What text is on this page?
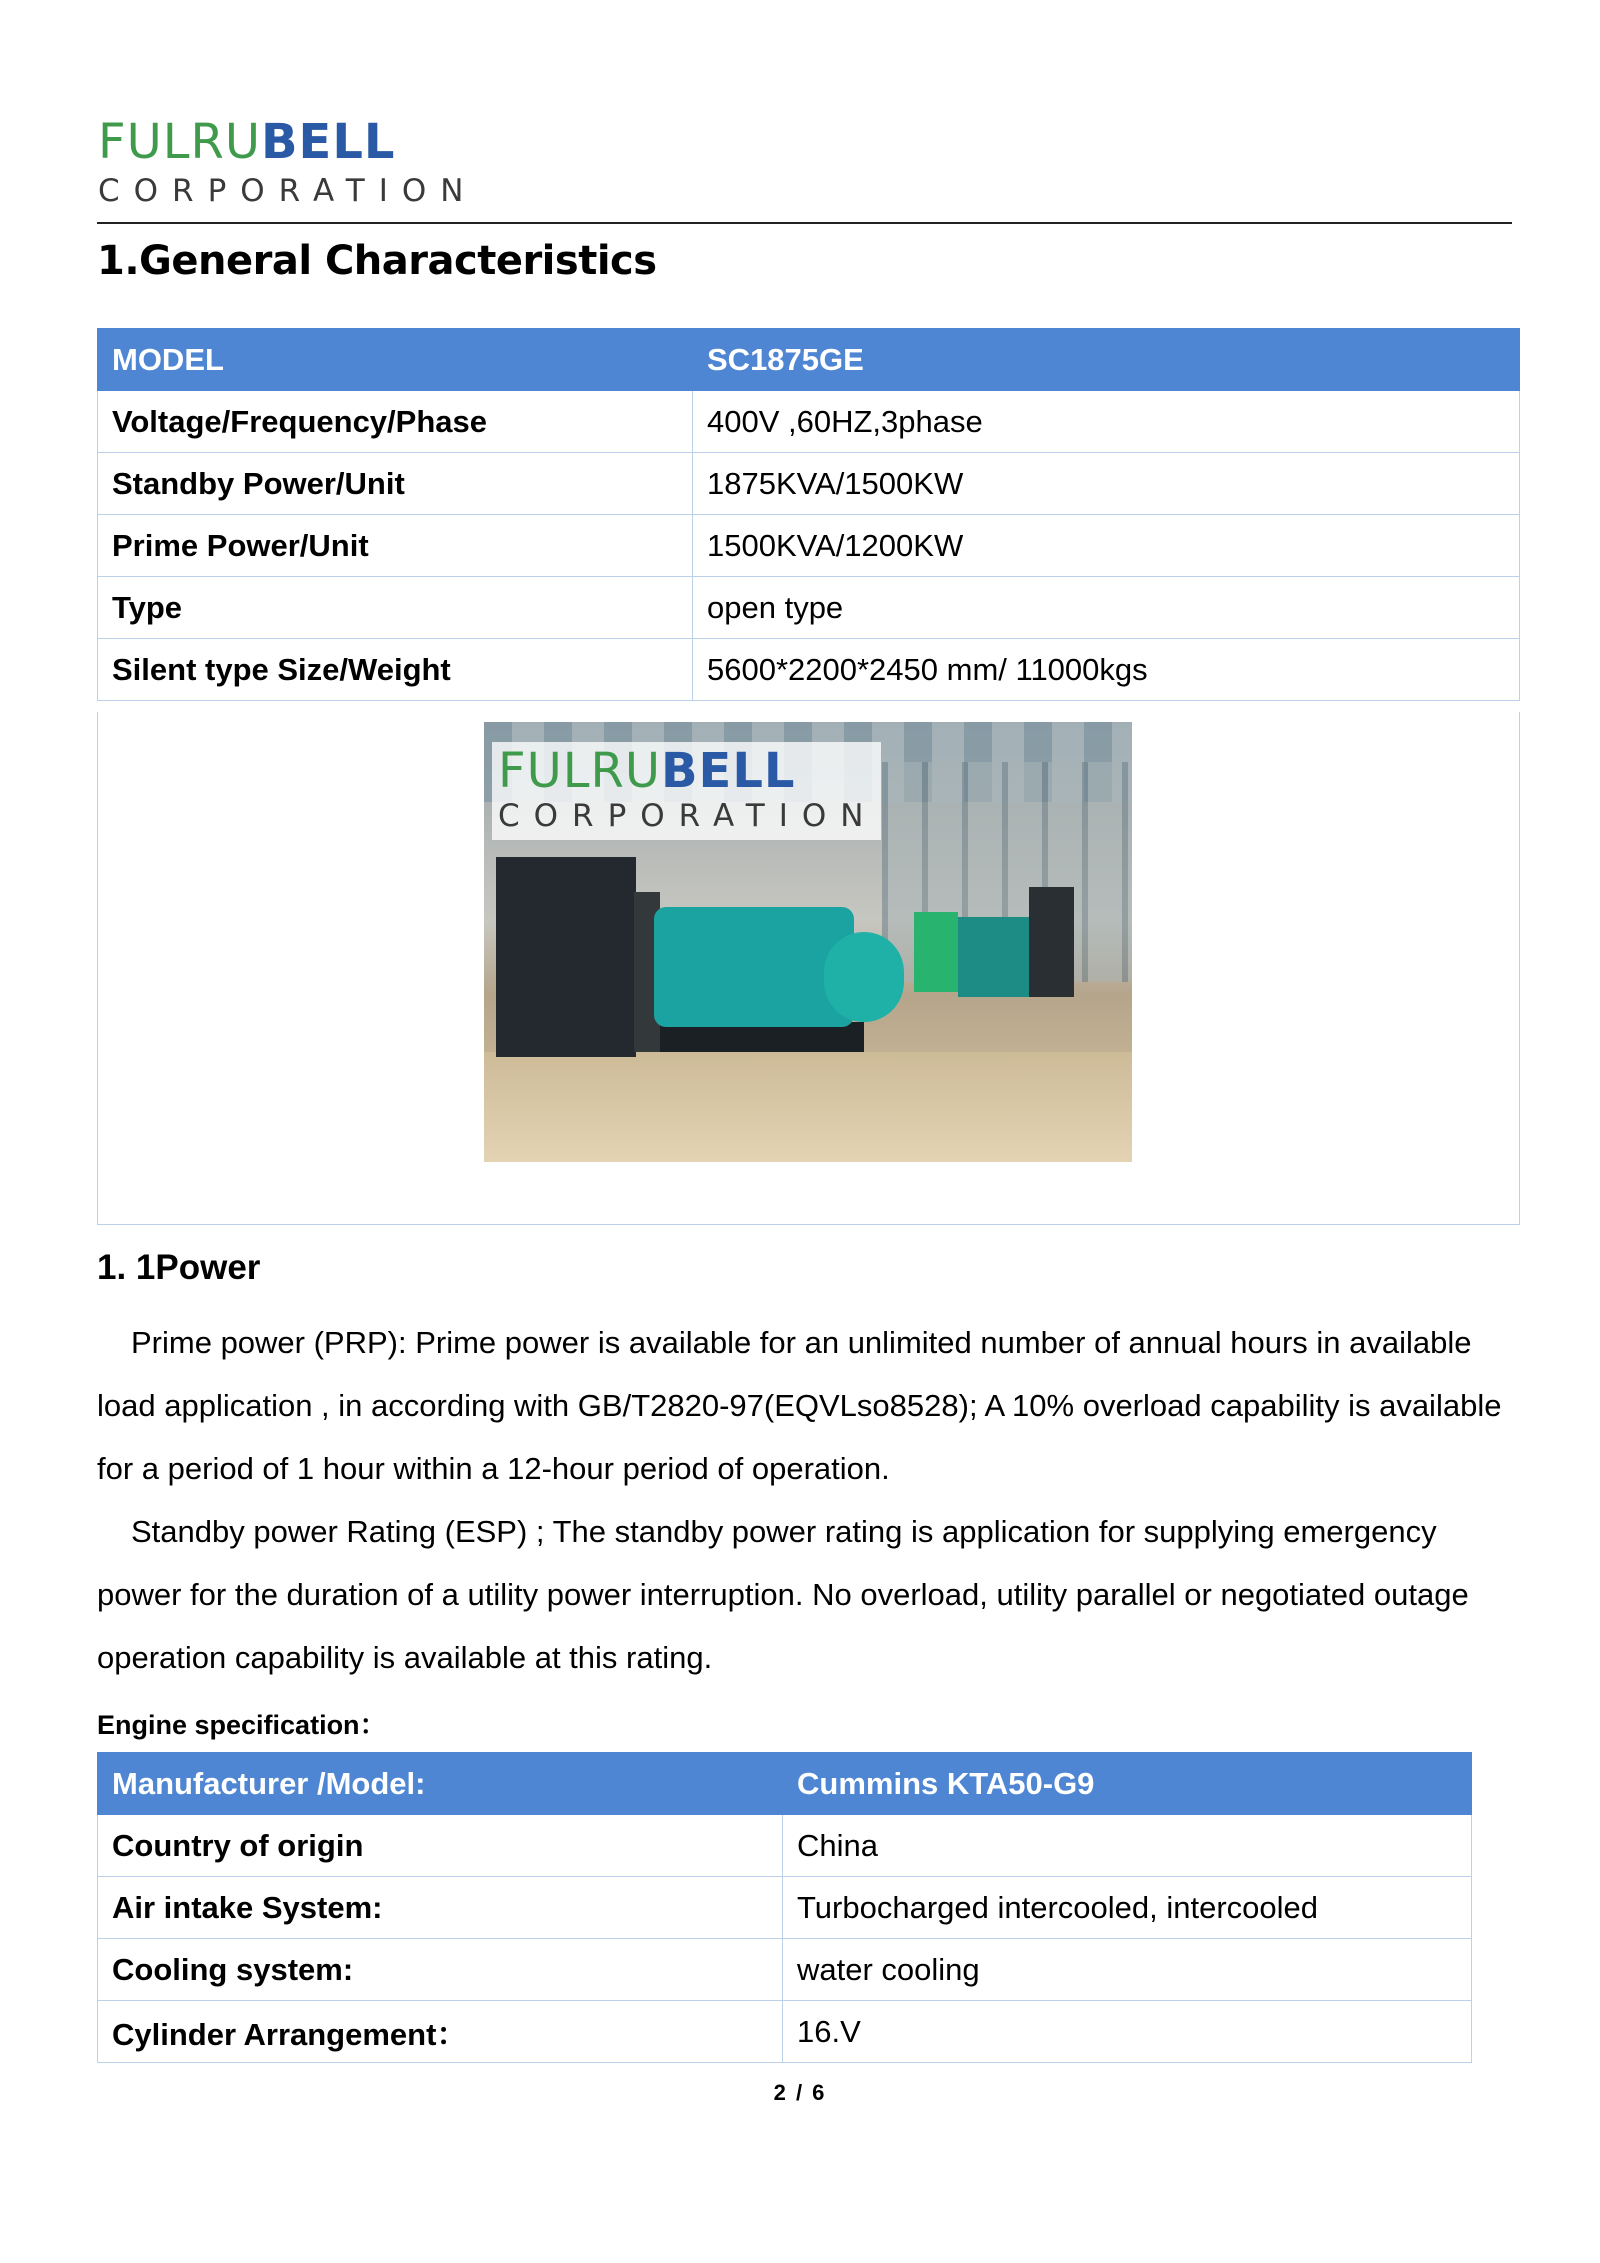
FULRUBELL
CORPORATION
1.General Characteristics
MODEL	SC1875GE
Voltage/Frequency/Phase	400V ,60HZ,3phase
Standby Power/Unit	1875KVA/1500KW
Prime Power/Unit	1500KVA/1200KW
Type	open type
Silent type Size/Weight	5600*2200*2450 mm/ 11000kgs
FULRUBELL
CORPORATION
1. 1Power
Prime power (PRP): Prime power is available for an unlimited number of annual hours in available load application , in according with GB/T2820-97(EQVLso8528); A 10% overload capability is available for a period of 1 hour within a 12-hour period of operation.
Standby power Rating (ESP) ; The standby power rating is application for supplying emergency power for the duration of a utility power interruption. No overload, utility parallel or negotiated outage operation capability is available at this rating.
Engine specification：
Manufacturer /Model:	Cummins KTA50-G9
Country of origin	China
Air intake System:	Turbocharged intercooled, intercooled
Cooling system:	water cooling
Cylinder Arrangement：	16.V
2 / 6
